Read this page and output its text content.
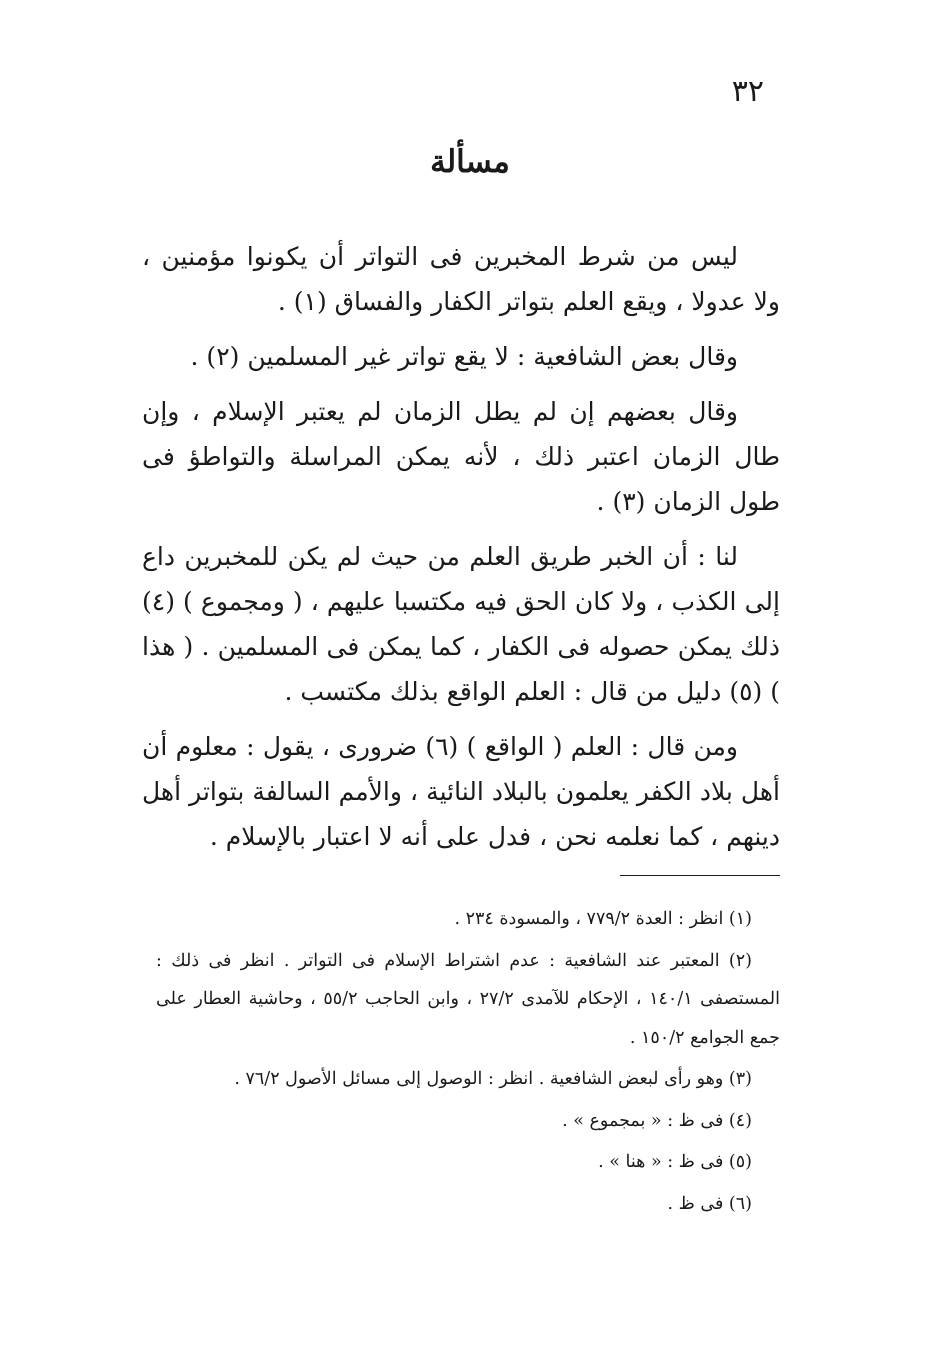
٣٢
مسألة

ليس من شرط المخبرين فى التواتر أن يكونوا مؤمنين ، ولا عدولا ، ويقع العلم بتواتر الكفار والفساق (١) .

وقال بعض الشافعية : لا يقع تواتر غير المسلمين (٢) .

وقال بعضهم إن لم يطل الزمان لم يعتبر الإسلام ، وإن طال الزمان اعتبر ذلك ، لأنه يمكن المراسلة والتواطؤ فى طول الزمان (٣) .

لنا : أن الخبر طريق العلم من حيث لم يكن للمخبرين داع إلى الكذب ، ولا كان الحق فيه مكتسبا عليهم ، ( ومجموع ) (٤) ذلك يمكن حصوله فى الكفار ، كما يمكن فى المسلمين . ( هذا ) (٥) دليل من قال : العلم الواقع بذلك مكتسب .

ومن قال : العلم ( الواقع ) (٦) ضرورى ، يقول : معلوم أن أهل بلاد الكفر يعلمون بالبلاد النائية ، والأمم السالفة بتواتر أهل دينهم ، كما نعلمه نحن ، فدل على أنه لا اعتبار بالإسلام .

(١) انظر : العدة ٧٧٩/٢ ، والمسودة ٢٣٤ .

(٢) المعتبر عند الشافعية : عدم اشتراط الإسلام فى التواتر . انظر فى ذلك : المستصفى ١٤٠/١ ، الإحكام للآمدى ٢٧/٢ ، وابن الحاجب ٥٥/٢ ، وحاشية العطار على جمع الجوامع ١٥٠/٢ .

(٣) وهو رأى لبعض الشافعية . انظر : الوصول إلى مسائل الأصول ٧٦/٢ .

(٤) فى ظ : « بمجموع » .

(٥) فى ظ : « هنا » .

(٦) فى ظ .
